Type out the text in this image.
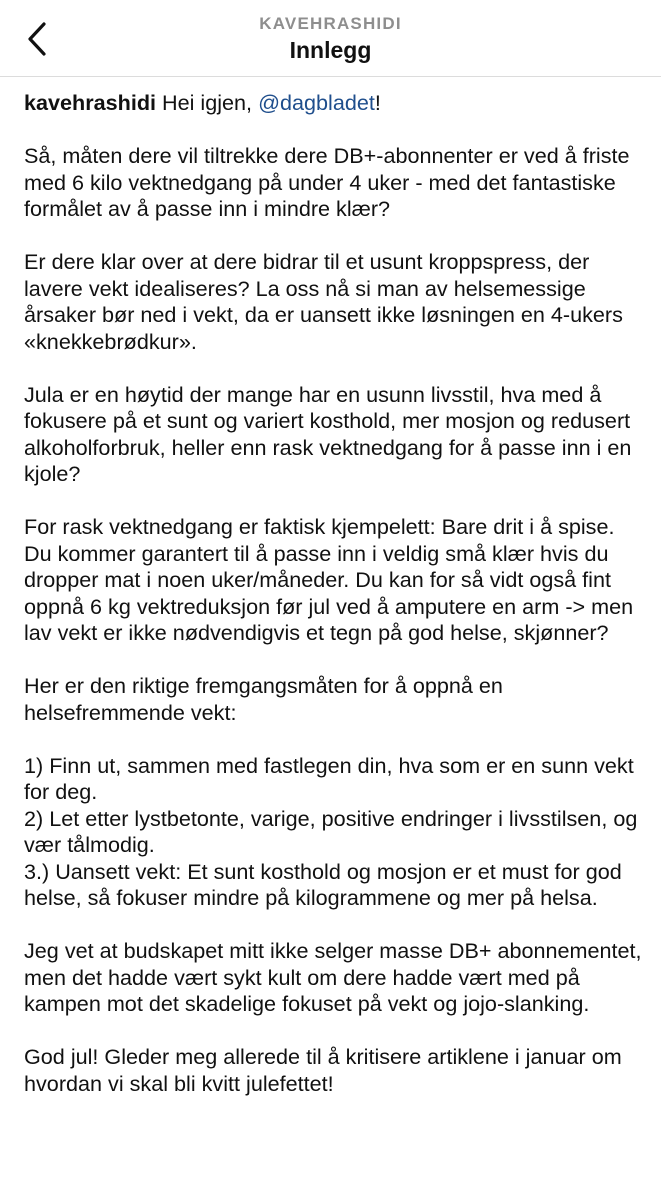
KAVEHRASHIDI
Innlegg

kavehrashidi Hei igjen, @dagbladet!

Så, måten dere vil tiltrekke dere DB+-abonnenter er ved å friste med 6 kilo vektnedgang på under 4 uker - med det fantastiske formålet av å passe inn i mindre klær?

Er dere klar over at dere bidrar til et usunt kroppspress, der lavere vekt idealiseres? La oss nå si man av helsemessige årsaker bør ned i vekt, da er uansett ikke løsningen en 4-ukers «knekkebrødkur».

Jula er en høytid der mange har en usunn livsstil, hva med å fokusere på et sunt og variert kosthold, mer mosjon og redusert alkoholforbruk, heller enn rask vektnedgang for å passe inn i en kjole?

For rask vektnedgang er faktisk kjempelett: Bare drit i å spise. Du kommer garantert til å passe inn i veldig små klær hvis du dropper mat i noen uker/måneder. Du kan for så vidt også fint oppnå 6 kg vektreduksjon før jul ved å amputere en arm -> men lav vekt er ikke nødvendigvis et tegn på god helse, skjønner?

Her er den riktige fremgangsmåten for å oppnå en helsefremmende vekt:

1) Finn ut, sammen med fastlegen din, hva som er en sunn vekt for deg.
2) Let etter lystbetonte, varige, positive endringer i livsstilsen, og vær tålmodig.
3.) Uansett vekt: Et sunt kosthold og mosjon er et must for god helse, så fokuser mindre på kilogrammene og mer på helsa.

Jeg vet at budskapet mitt ikke selger masse DB+ abonnementet, men det hadde vært sykt kult om dere hadde vært med på kampen mot det skadelige fokuset på vekt og jojo-slanking.

God jul! Gleder meg allerede til å kritisere artiklene i januar om hvordan vi skal bli kvitt julefettet!
